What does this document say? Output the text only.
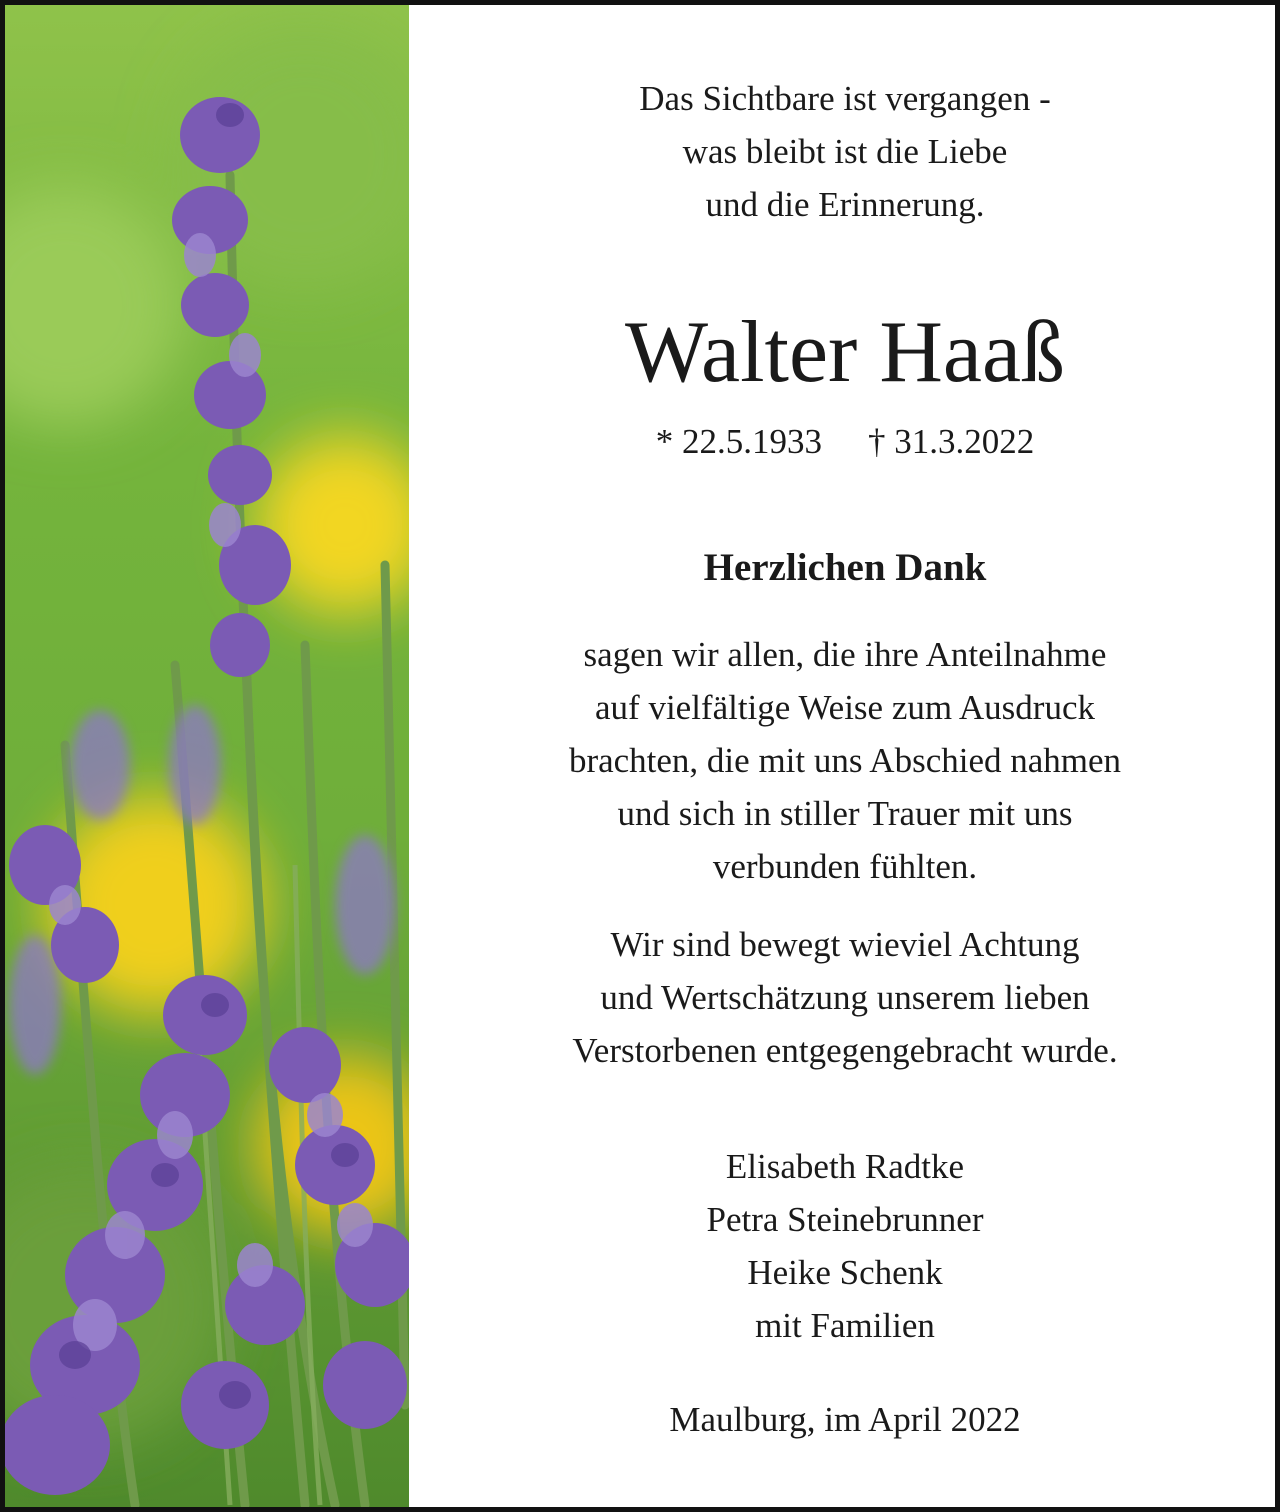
Das Sichtbare ist vergangen -
was bleibt ist die Liebe
und die Erinnerung.
Walter Haaß
* 22.5.1933 † 31.3.2022
Herzlichen Dank
sagen wir allen, die ihre Anteilnahme
auf vielfältige Weise zum Ausdruck
brachten, die mit uns Abschied nahmen
und sich in stiller Trauer mit uns
verbunden fühlten.
Wir sind bewegt wieviel Achtung
und Wertschätzung unserem lieben
Verstorbenen entgegengebracht wurde.
Elisabeth Radtke
Petra Steinebrunner
Heike Schenk
mit Familien
Maulburg, im April 2022
